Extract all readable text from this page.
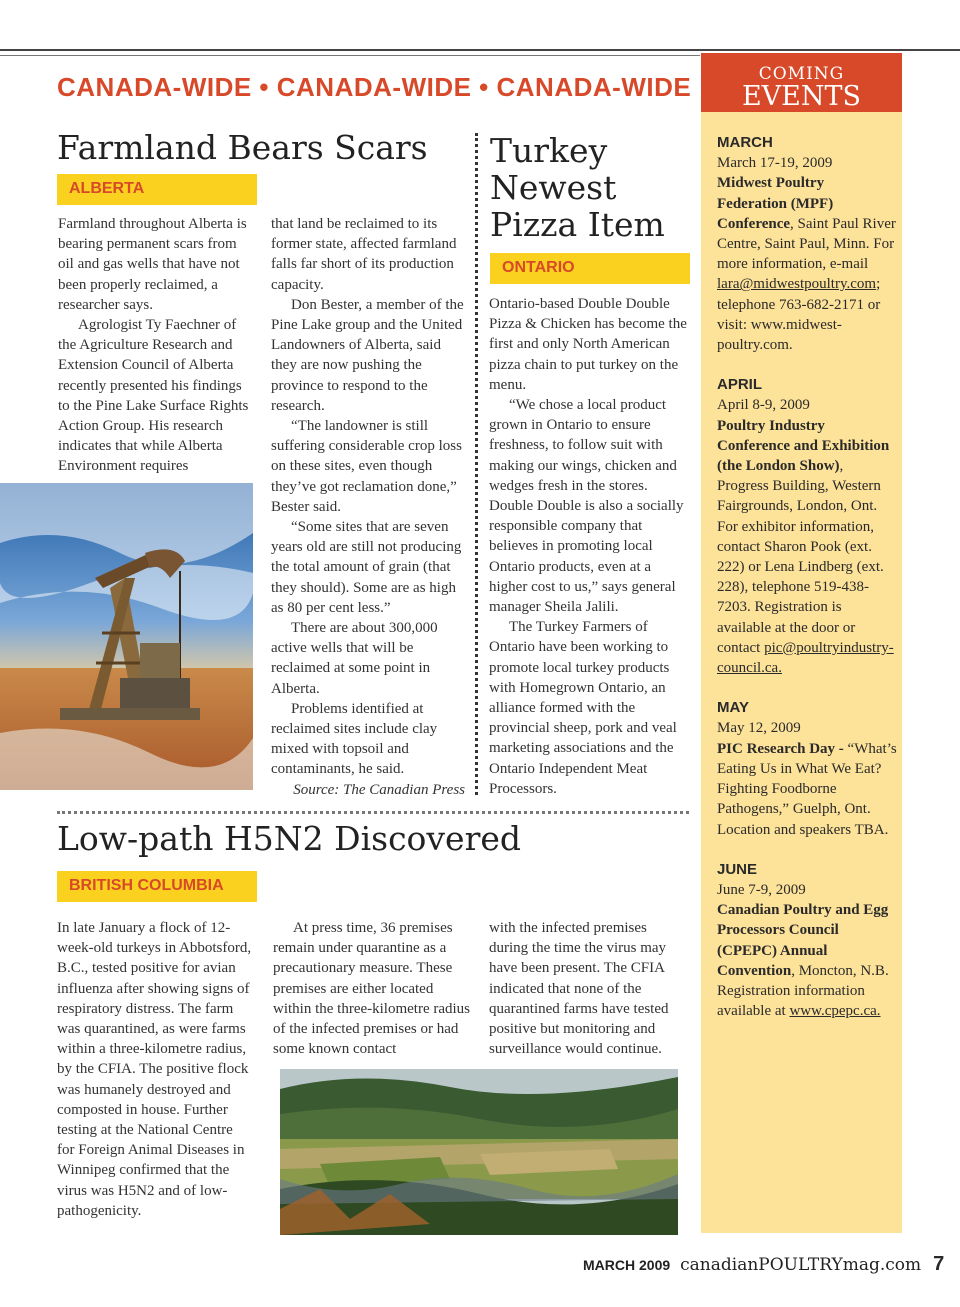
CANADA-WIDE • CANADA-WIDE • CANADA-WIDE
Farmland Bears Scars
ALBERTA

Farmland throughout Alberta is bearing permanent scars from oil and gas wells that have not been properly reclaimed, a researcher says.

Agrologist Ty Faechner of the Agriculture Research and Extension Council of Alberta recently presented his findings to the Pine Lake Surface Rights Action Group. His research indicates that while Alberta Environment requires

that land be reclaimed to its former state, affected farmland falls far short of its production capacity.

Don Bester, a member of the Pine Lake group and the United Landowners of Alberta, said they are now pushing the province to respond to the research.

“The landowner is still suffering considerable crop loss on these sites, even though they’ve got reclamation done,” Bester said.

“Some sites that are seven years old are still not producing the total amount of grain (that they should). Some are as high as 80 per cent less.”

There are about 300,000 active wells that will be reclaimed at some point in Alberta.

Problems identified at reclaimed sites include clay mixed with topsoil and contaminants, he said.

Source: The Canadian Press

Turkey Newest Pizza Item
ONTARIO

Ontario-based Double Double Pizza & Chicken has become the first and only North American pizza chain to put turkey on the menu.

“We chose a local product grown in Ontario to ensure freshness, to follow suit with making our wings, chicken and wedges fresh in the stores. Double Double is also a socially responsible company that believes in promoting local Ontario products, even at a higher cost to us,” says general manager Sheila Jalili.

The Turkey Farmers of Ontario have been working to promote local turkey products with Homegrown Ontario, an alliance formed with the provincial sheep, pork and veal marketing associations and the Ontario Independent Meat Processors.

Low-path H5N2 Discovered
BRITISH COLUMBIA

In late January a flock of 12-week-old turkeys in Abbotsford, B.C., tested positive for avian influenza after showing signs of respiratory distress. The farm was quarantined, as were farms within a three-kilometre radius, by the CFIA. The positive flock was humanely destroyed and composted in house. Further testing at the National Centre for Foreign Animal Diseases in Winnipeg confirmed that the virus was H5N2 and of low-pathogenicity.

At press time, 36 premises remain under quarantine as a precautionary measure. These premises are either located within the three-kilometre radius of the infected premises or had some known contact

with the infected premises during the time the virus may have been present. The CFIA indicated that none of the quarantined farms have tested positive but monitoring and surveillance would continue.

COMING
EVENTS
MARCH
March 17-19, 2009
Midwest Poultry Federation (MPF) Conference, Saint Paul River Centre, Saint Paul, Minn. For more information, e-mail lara@midwestpoultry.com; telephone 763-682-2171 or visit: www.midwest-poultry.com.
APRIL
April 8-9, 2009
Poultry Industry Conference and Exhibition (the London Show), Progress Building, Western Fairgrounds, London, Ont. For exhibitor information, contact Sharon Pook (ext. 222) or Lena Lindberg (ext. 228), telephone 519-438-7203. Registration is available at the door or contact pic@poultryindustry-council.ca.
MAY
May 12, 2009
PIC Research Day - “What’s Eating Us in What We Eat? Fighting Foodborne Pathogens,” Guelph, Ont. Location and speakers TBA.
JUNE
June 7-9, 2009
Canadian Poultry and Egg Processors Council (CPEPC) Annual Convention, Moncton, N.B. Registration information available at www.cpepc.ca.
MARCH 2009 canadianPOULTRYmag.com 7
